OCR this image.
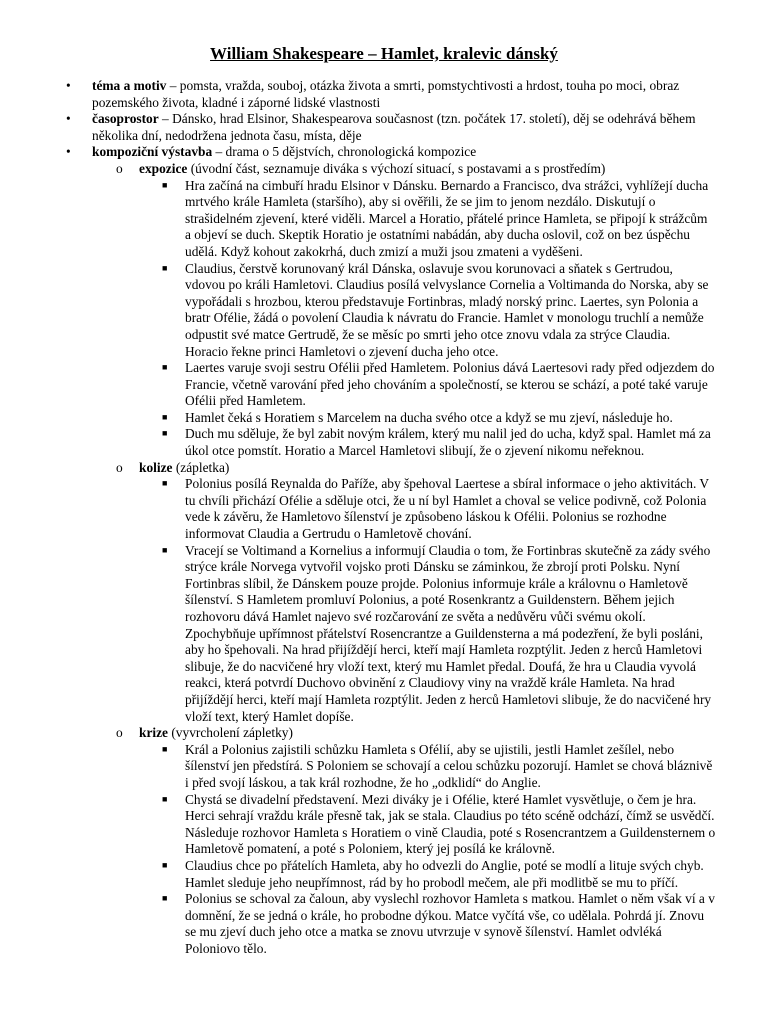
William Shakespeare – Hamlet, kralevic dánský
• téma a motiv – pomsta, vražda, souboj, otázka života a smrti, pomstychtivosti a hrdost, touha po moci, obraz pozemského života, kladné i záporné lidské vlastnosti
• časoprostor – Dánsko, hrad Elsinor, Shakespearova současnost (tzn. počátek 17. století), děj se odehrává během několika dní, nedodržena jednota času, místa, děje
• kompoziční výstavba – drama o 5 dějstvích, chronologická kompozice
o expozice (úvodní část, seznamuje diváka s výchozí situací, s postavami a s prostředím)
■ Hra začíná na cimbuří hradu Elsinor v Dánsku. Bernardo a Francisco, dva strážci, vyhlížejí ducha mrtvého krále Hamleta (staršího), aby si ověřili, že se jim to jenom nezdálo. Diskutují o strašidelném zjevení, které viděli. Marcel a Horatio, přátelé prince Hamleta, se připojí k strážcům a objeví se duch. Skeptik Horatio je ostatními nabádán, aby ducha oslovil, což on bez úspěchu udělá. Když kohout zakokrhá, duch zmizí a muži jsou zmateni a vyděšeni.
■ Claudius, čerstvě korunovaný král Dánska, oslavuje svou korunovaci a sňatek s Gertrudou, vdovou po králi Hamletovi. Claudius posílá velvyslance Cornelia a Voltimanda do Norska, aby se vypořádali s hrozbou, kterou představuje Fortinbras, mladý norský princ. Laertes, syn Polonia a bratr Ofélie, žádá o povolení Claudia k návratu do Francie. Hamlet v monologu truchlí a nemůže odpustit své matce Gertrudě, že se měsíc po smrti jeho otce znovu vdala za strýce Claudia. Horacio řekne princi Hamletovi o zjevení ducha jeho otce.
■ Laertes varuje svoji sestru Ofélii před Hamletem. Polonius dává Laertesovi rady před odjezdem do Francie, včetně varování před jeho chováním a společností, se kterou se schází, a poté také varuje Ofélii před Hamletem.
■ Hamlet čeká s Horatiem s Marcelem na ducha svého otce a když se mu zjeví, následuje ho.
■ Duch mu sděluje, že byl zabit novým králem, který mu nalil jed do ucha, když spal. Hamlet má za úkol otce pomstít. Horatio a Marcel Hamletovi slibují, že o zjevení nikomu neřeknou.
o kolize (zápletka)
■ Polonius posílá Reynalda do Paříže, aby špehoval Laertese a sbíral informace o jeho aktivitách. V tu chvíli přichází Ofélie a sděluje otci, že u ní byl Hamlet a choval se velice podivně, což Polonia vede k závěru, že Hamletovo šílenství je způsobeno láskou k Ofélii. Polonius se rozhodne informovat Claudia a Gertrudu o Hamletově chování.
■ Vracejí se Voltimand a Kornelius a informují Claudia o tom, že Fortinbras skutečně za zády svého strýce krále Norvega vytvořil vojsko proti Dánsku se záminkou, že zbrojí proti Polsku. Nyní Fortinbras slíbil, že Dánskem pouze projde. Polonius informuje krále a královnu o Hamletově šílenství. S Hamletem promluví Polonius, a poté Rosenkrantz a Guildenstern. Během jejich rozhovoru dává Hamlet najevo své rozčarování ze světa a nedůvěru vůči svému okolí. Zpochybňuje upřímnost přátelství Rosencrantze a Guildensterna a má podezření, že byli posláni, aby ho špehovali. Na hrad přijíždějí herci, kteří mají Hamleta rozptýlit. Jeden z herců Hamletovi slibuje, že do nacvičené hry vloží text, který mu Hamlet předal. Doufá, že hra u Claudia vyvolá reakci, která potvrdí Duchovo obvinění z Claudiovy viny na vraždě krále Hamleta. Na hrad přijíždějí herci, kteří mají Hamleta rozptýlit. Jeden z herců Hamletovi slibuje, že do nacvičené hry vloží text, který Hamlet dopíše.
o krize (vyvrcholení zápletky)
■ Král a Polonius zajistili schůzku Hamleta s Ofélií, aby se ujistili, jestli Hamlet zešílel, nebo šílenství jen předstírá. S Poloniem se schovají a celou schůzku pozorují. Hamlet se chová bláznivě i před svojí láskou, a tak král rozhodne, že ho „odklidí“ do Anglie.
■ Chystá se divadelní představení. Mezi diváky je i Ofélie, které Hamlet vysvětluje, o čem je hra. Herci sehrají vraždu krále přesně tak, jak se stala. Claudius po této scéně odchází, čímž se usvědčí. Následuje rozhovor Hamleta s Horatiem o vině Claudia, poté s Rosencrantzem a Guildensternem o Hamletově pomatení, a poté s Poloniem, který jej posílá ke královně.
■ Claudius chce po přátelích Hamleta, aby ho odvezli do Anglie, poté se modlí a lituje svých chyb. Hamlet sleduje jeho neupřímnost, rád by ho probodl mečem, ale při modlitbě se mu to příčí.
■ Polonius se schoval za čaloun, aby vyslechl rozhovor Hamleta s matkou. Hamlet o něm však ví a v domnění, že se jedná o krále, ho probodne dýkou. Matce vyčítá vše, co udělala. Pohrdá jí. Znovu se mu zjeví duch jeho otce a matka se znovu utvrzuje v synově šílenství. Hamlet odvléká Poloniovo tělo.
